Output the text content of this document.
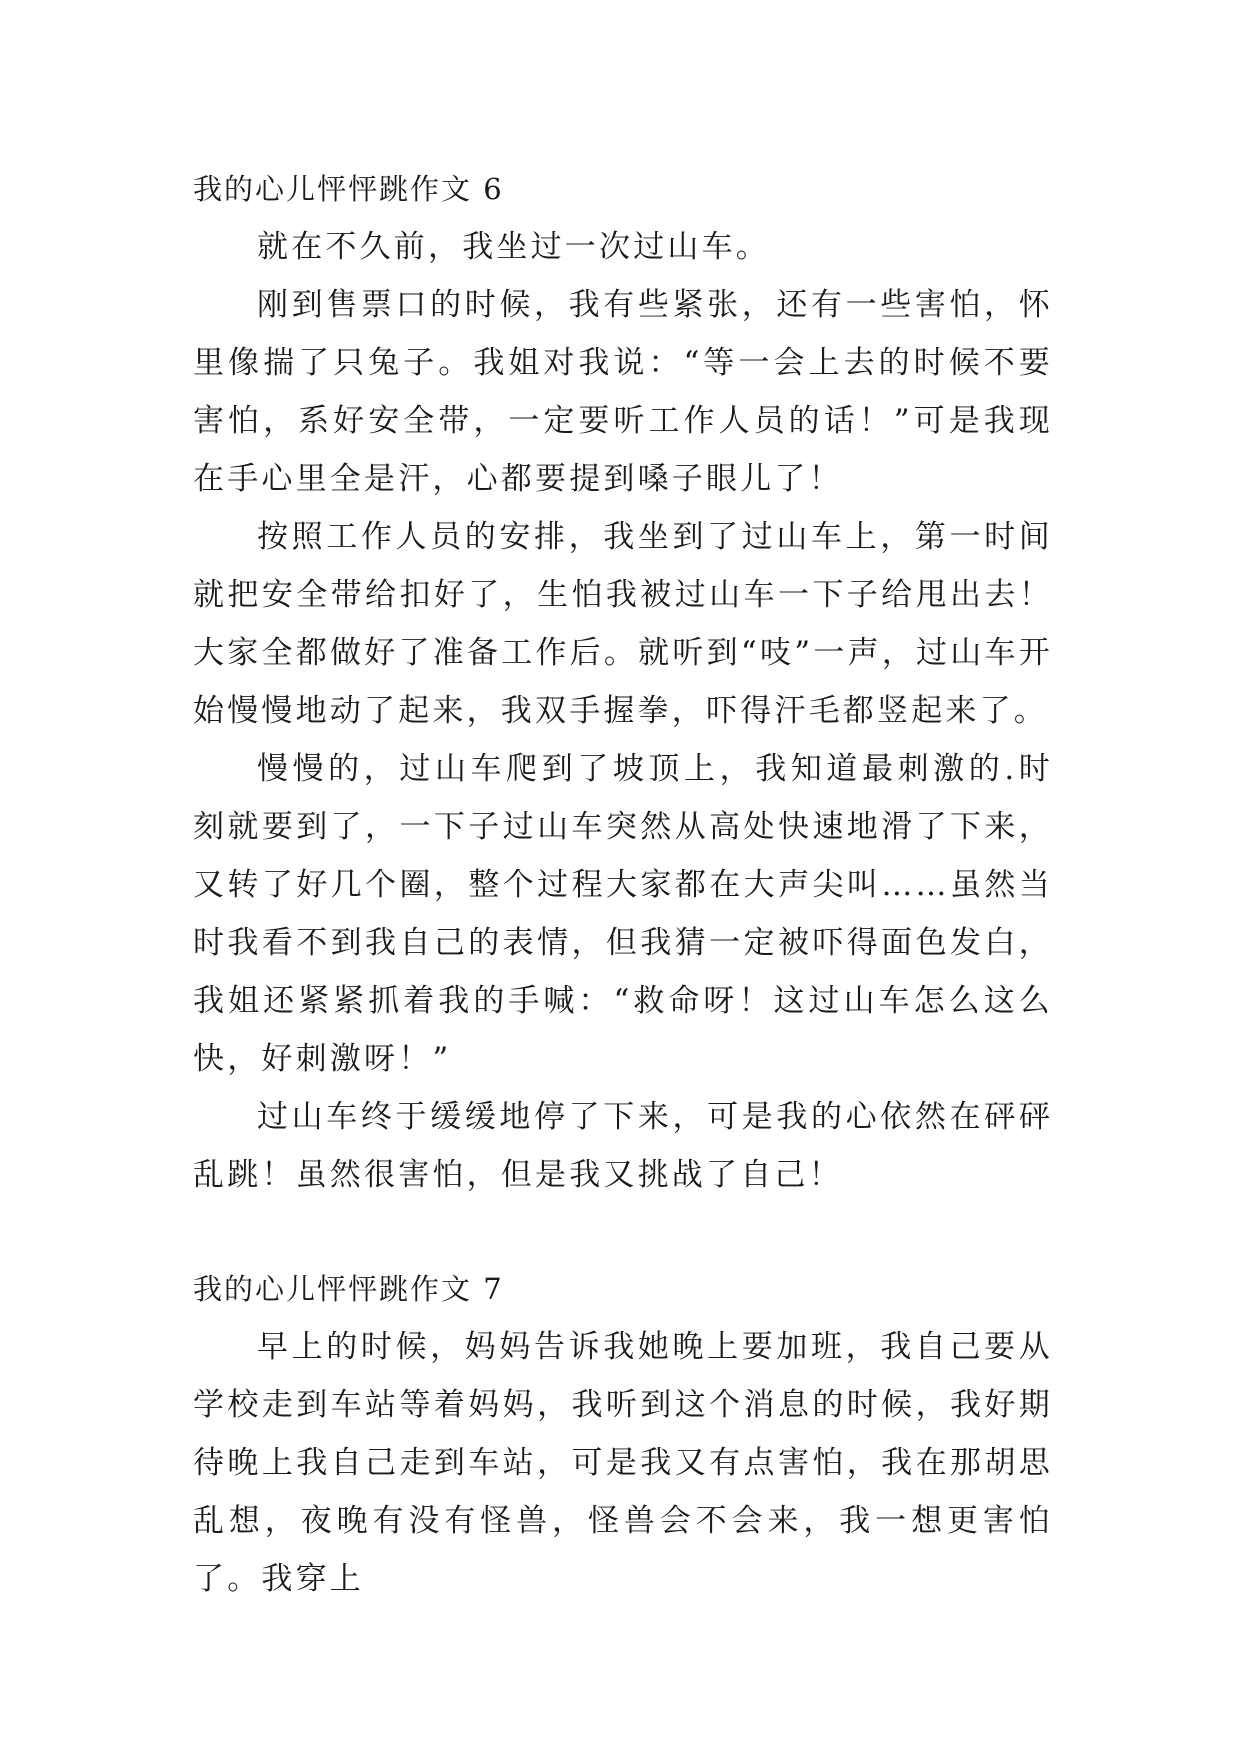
我的心儿怦怦跳作文 6

就在不久前，我坐过一次过山车。

刚到售票口的时候，我有些紧张，还有一些害怕，怀里像揣了只兔子。我姐对我说：“等一会上去的时候不要害怕，系好安全带，一定要听工作人员的话！”可是我现在手心里全是汗，心都要提到嗓子眼儿了！

按照工作人员的安排，我坐到了过山车上，第一时间就把安全带给扣好了，生怕我被过山车一下子给甩出去！大家全都做好了准备工作后。就听到“吱”一声，过山车开始慢慢地动了起来，我双手握拳，吓得汗毛都竖起来了。

慢慢的，过山车爬到了坡顶上，我知道最刺激的.时刻就要到了，一下子过山车突然从高处快速地滑了下来，又转了好几个圈，整个过程大家都在大声尖叫……虽然当时我看不到我自己的表情，但我猜一定被吓得面色发白，我姐还紧紧抓着我的手喊：“救命呀！这过山车怎么这么快，好刺激呀！”

过山车终于缓缓地停了下来，可是我的心依然在砰砰乱跳！虽然很害怕，但是我又挑战了自己！

我的心儿怦怦跳作文 7

早上的时候，妈妈告诉我她晚上要加班，我自己要从学校走到车站等着妈妈，我听到这个消息的时候，我好期待晚上我自己走到车站，可是我又有点害怕，我在那胡思乱想，夜晚有没有怪兽，怪兽会不会来，我一想更害怕了。我穿上
